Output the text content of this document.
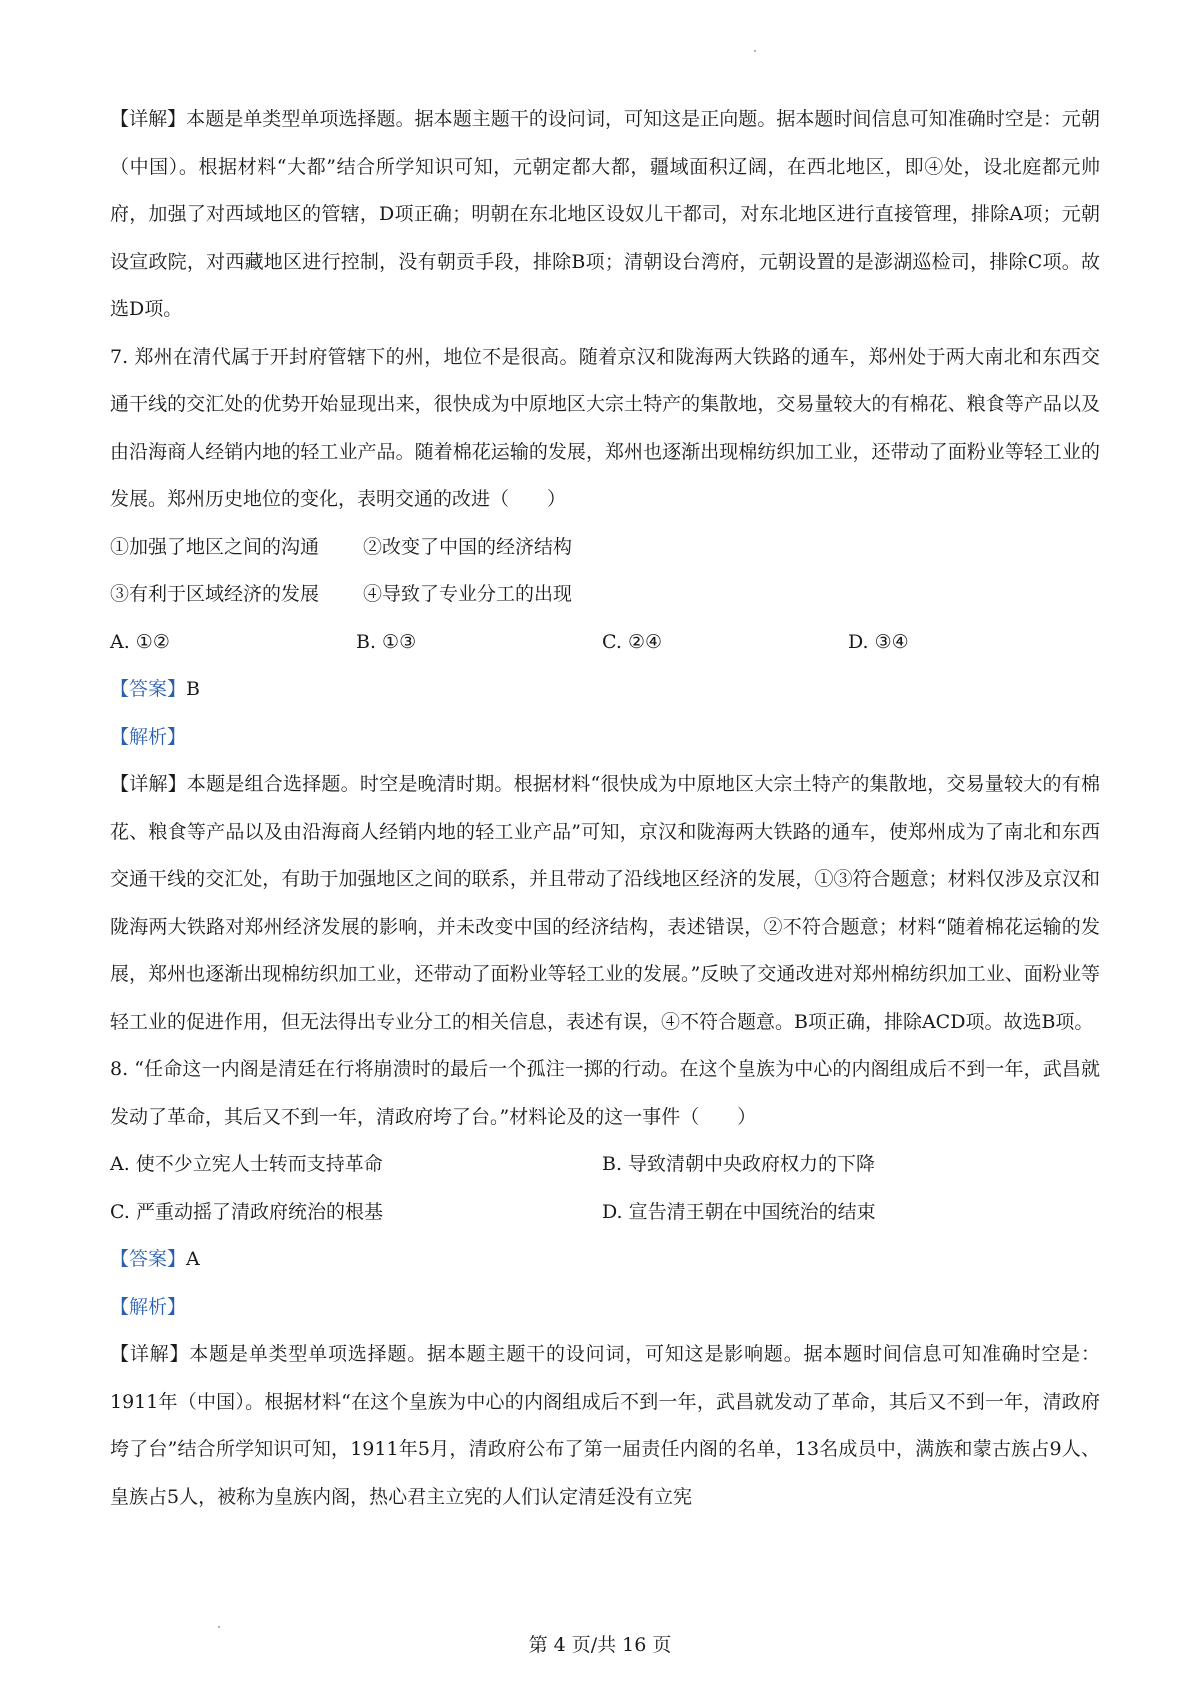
【详解】本题是单类型单项选择题。据本题主题干的设问词，可知这是正向题。据本题时间信息可知准确时空是：元朝（中国）。根据材料“大都”结合所学知识可知，元朝定都大都，疆域面积辽阔，在西北地区，即④处，设北庭都元帅府，加强了对西域地区的管辖，D项正确；明朝在东北地区设奴儿干都司，对东北地区进行直接管理，排除A项；元朝设宣政院，对西藏地区进行控制，没有朝贡手段，排除B项；清朝设台湾府，元朝设置的是澎湖巡检司，排除C项。故选D项。

7. 郑州在清代属于开封府管辖下的州，地位不是很高。随着京汉和陇海两大铁路的通车，郑州处于两大南北和东西交通干线的交汇处的优势开始显现出来，很快成为中原地区大宗土特产的集散地，交易量较大的有棉花、粮食等产品以及由沿海商人经销内地的轻工业产品。随着棉花运输的发展，郑州也逐渐出现棉纺织加工业，还带动了面粉业等轻工业的发展。郑州历史地位的变化，表明交通的改进（　　）

①加强了地区之间的沟通 ②改变了中国的经济结构

③有利于区域经济的发展 ④导致了专业分工的出现

A. ①②	B. ①③	C. ②④	D. ③④

【答案】B

【解析】

【详解】本题是组合选择题。时空是晚清时期。根据材料“很快成为中原地区大宗土特产的集散地，交易量较大的有棉花、粮食等产品以及由沿海商人经销内地的轻工业产品”可知，京汉和陇海两大铁路的通车，使郑州成为了南北和东西交通干线的交汇处，有助于加强地区之间的联系，并且带动了沿线地区经济的发展，①③符合题意；材料仅涉及京汉和陇海两大铁路对郑州经济发展的影响，并未改变中国的经济结构，表述错误，②不符合题意；材料“随着棉花运输的发展，郑州也逐渐出现棉纺织加工业，还带动了面粉业等轻工业的发展。”反映了交通改进对郑州棉纺织加工业、面粉业等轻工业的促进作用，但无法得出专业分工的相关信息，表述有误，④不符合题意。B项正确，排除ACD项。故选B项。

8. “任命这一内阁是清廷在行将崩溃时的最后一个孤注一掷的行动。在这个皇族为中心的内阁组成后不到一年，武昌就发动了革命，其后又不到一年，清政府垮了台。”材料论及的这一事件（　　）

A. 使不少立宪人士转而支持革命	B. 导致清朝中央政府权力的下降
C. 严重动摇了清政府统治的根基	D. 宣告清王朝在中国统治的结束

【答案】A

【解析】

【详解】本题是单类型单项选择题。据本题主题干的设问词，可知这是影响题。据本题时间信息可知准确时空是：1911年（中国）。根据材料“在这个皇族为中心的内阁组成后不到一年，武昌就发动了革命，其后又不到一年，清政府垮了台”结合所学知识可知，1911年5月，清政府公布了第一届责任内阁的名单，13名成员中，满族和蒙古族占9人、皇族占5人，被称为皇族内阁，热心君主立宪的人们认定清廷没有立宪

第 4 页/共 16 页
